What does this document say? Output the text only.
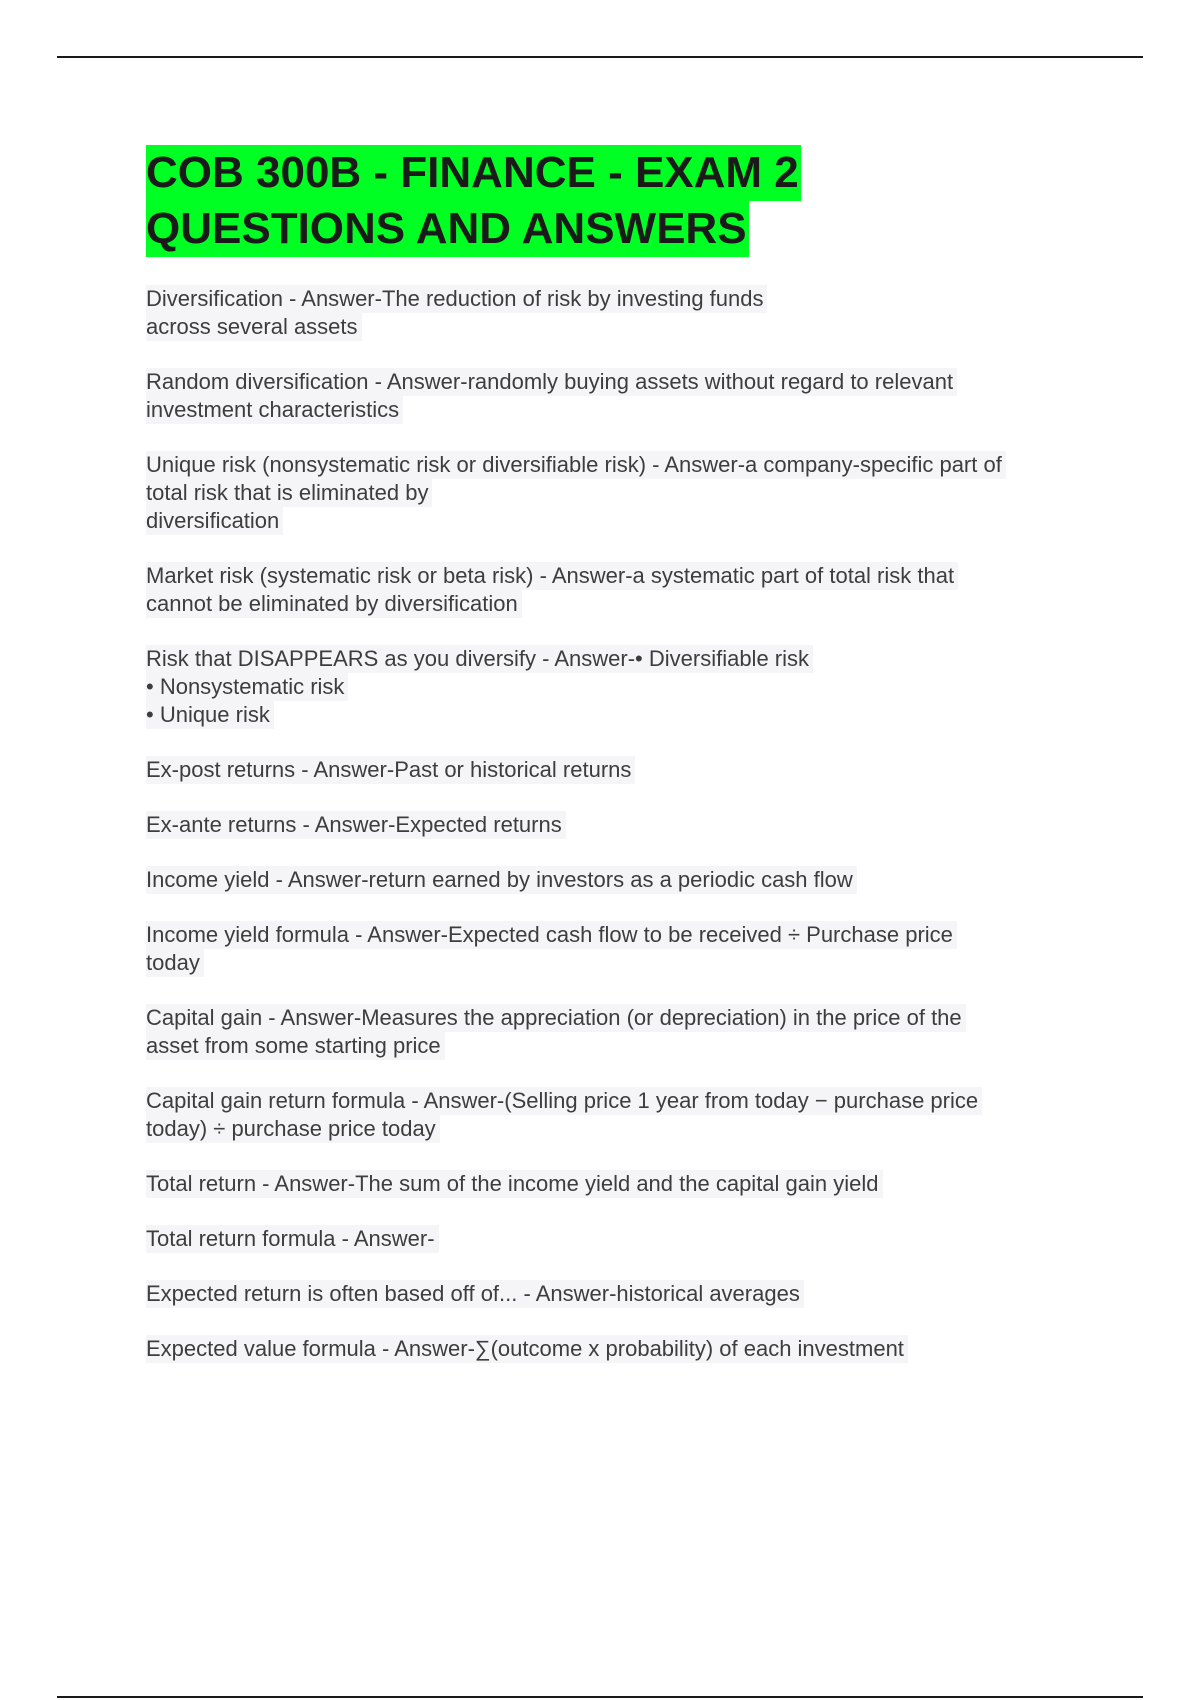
COB 300B - FINANCE - EXAM 2
QUESTIONS AND ANSWERS

Diversification - Answer-The reduction of risk by investing funds
across several assets

Random diversification - Answer-randomly buying assets without regard to relevant
investment characteristics

Unique risk (nonsystematic risk or diversifiable risk) - Answer-a company-specific part of
total risk that is eliminated by
diversification

Market risk (systematic risk or beta risk) - Answer-a systematic part of total risk that
cannot be eliminated by diversification

Risk that DISAPPEARS as you diversify - Answer-• Diversifiable risk
• Nonsystematic risk
• Unique risk

Ex-post returns - Answer-Past or historical returns

Ex-ante returns - Answer-Expected returns

Income yield - Answer-return earned by investors as a periodic cash flow

Income yield formula - Answer-Expected cash flow to be received ÷ Purchase price
today

Capital gain - Answer-Measures the appreciation (or depreciation) in the price of the
asset from some starting price

Capital gain return formula - Answer-(Selling price 1 year from today − purchase price
today) ÷ purchase price today

Total return - Answer-The sum of the income yield and the capital gain yield

Total return formula - Answer-

Expected return is often based off of... - Answer-historical averages

Expected value formula - Answer-∑(outcome x probability) of each investment
